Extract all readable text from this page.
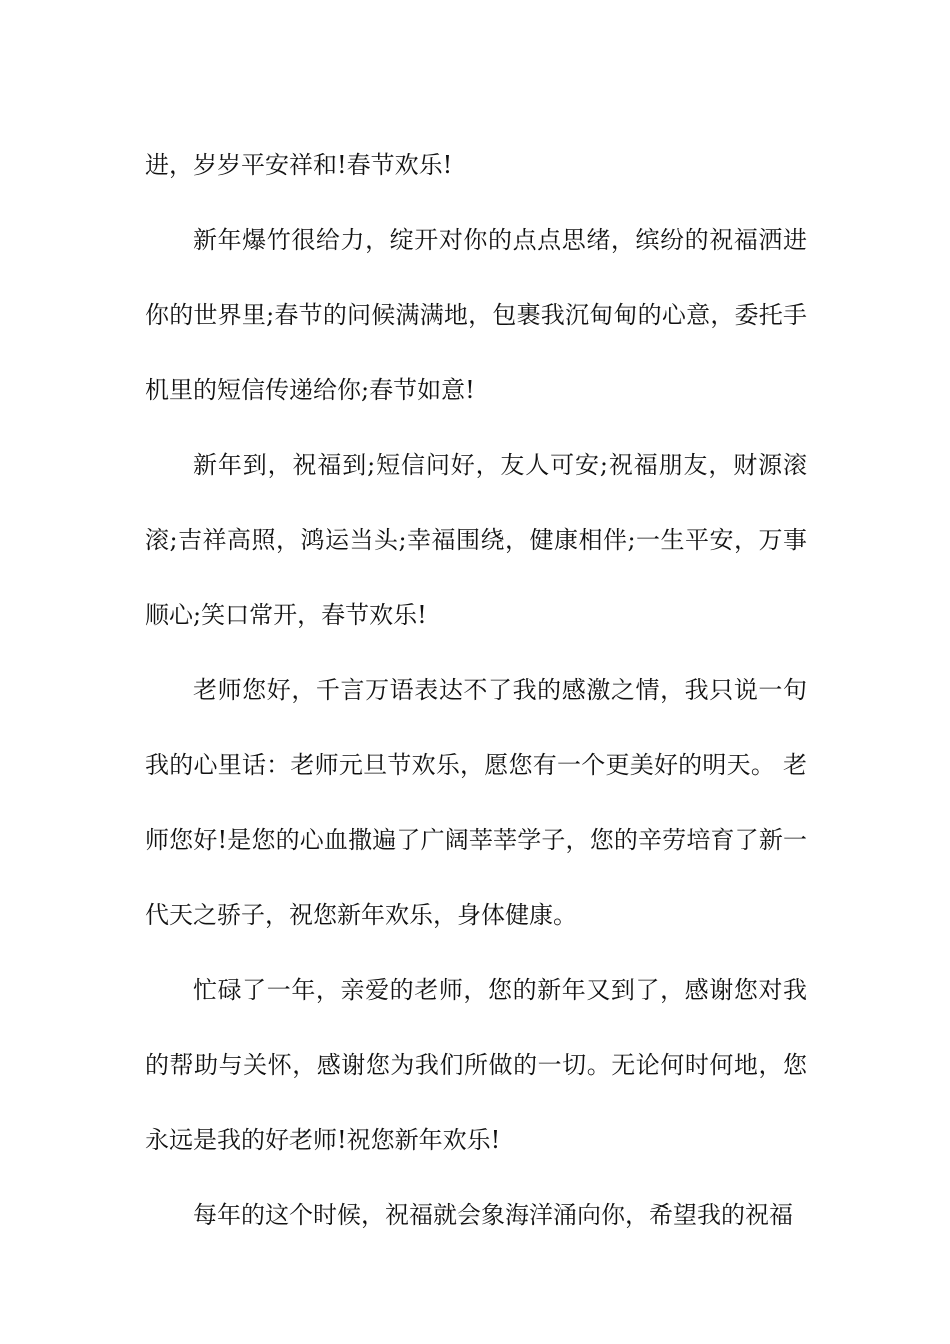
进，岁岁平安祥和!春节欢乐!

新年爆竹很给力，绽开对你的点点思绪，缤纷的祝福洒进你的世界里;春节的问候满满地，包裹我沉甸甸的心意，委托手机里的短信传递给你;春节如意!

新年到，祝福到;短信问好，友人可安;祝福朋友，财源滚滚;吉祥高照，鸿运当头;幸福围绕，健康相伴;一生平安，万事顺心;笑口常开，春节欢乐!

老师您好，千言万语表达不了我的感激之情，我只说一句我的心里话：老师元旦节欢乐，愿您有一个更美好的明天。 老师您好!是您的心血撒遍了广阔莘莘学子，您的辛劳培育了新一代天之骄子，祝您新年欢乐，身体健康。

忙碌了一年，亲爱的老师，您的新年又到了，感谢您对我的帮助与关怀，感谢您为我们所做的一切。无论何时何地，您永远是我的好老师!祝您新年欢乐!

每年的这个时候，祝福就会象海洋涌向你，希望我的祝福
